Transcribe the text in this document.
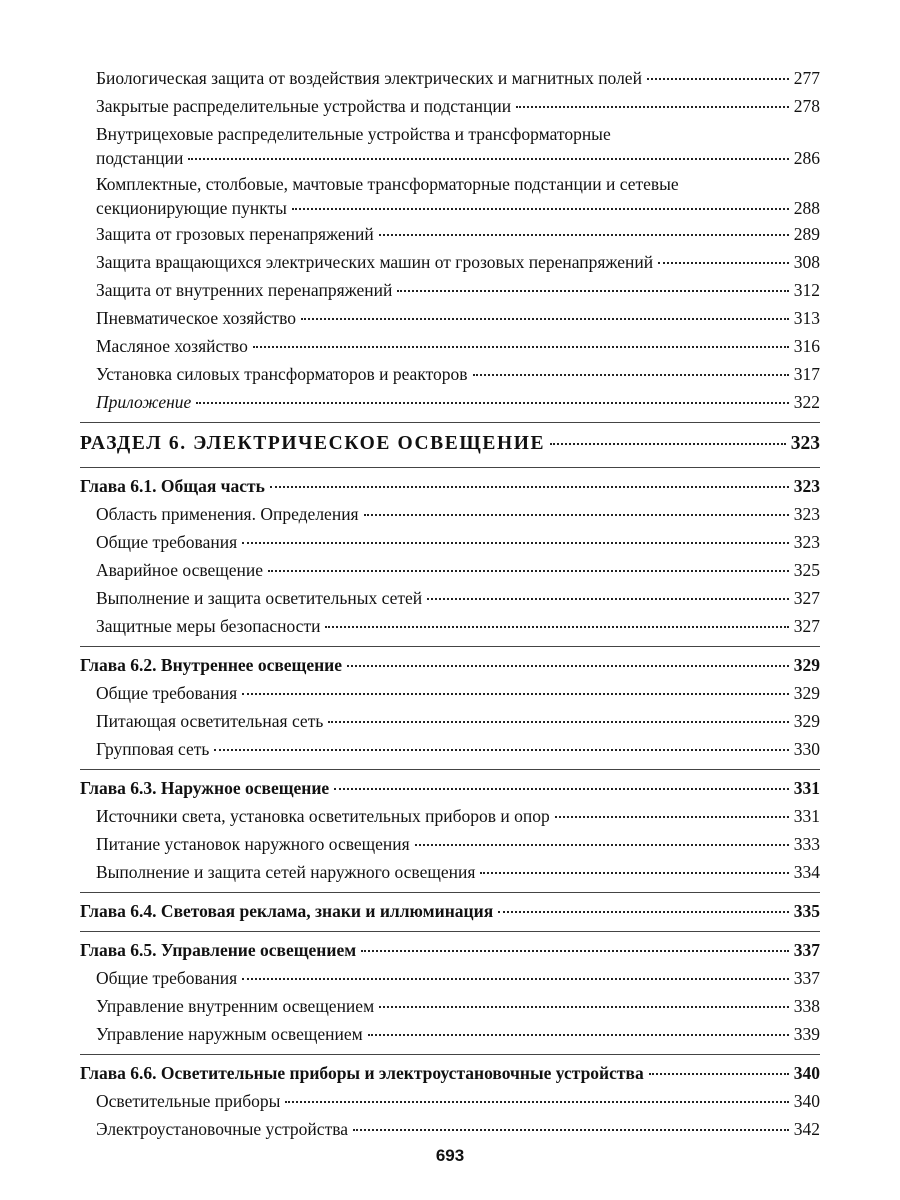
Биологическая защита от воздействия электрических и магнитных полей	277
Закрытые распределительные устройства и подстанции	278
Внутрицеховые распределительные устройства и трансформаторные
подстанции	286
Комплектные, столбовые, мачтовые трансформаторные подстанции и сетевые
секционирующие пункты	288
Защита от грозовых перенапряжений	289
Защита вращающихся электрических машин от грозовых перенапряжений	308
Защита от внутренних перенапряжений	312
Пневматическое хозяйство	313
Масляное хозяйство	316
Установка силовых трансформаторов и реакторов	317
Приложение	322
РАЗДЕЛ 6. ЭЛЕКТРИЧЕСКОЕ ОСВЕЩЕНИЕ	323
Глава 6.1. Общая часть	323
Область применения. Определения	323
Общие требования	323
Аварийное освещение	325
Выполнение и защита осветительных сетей	327
Защитные меры безопасности	327
Глава 6.2. Внутреннее освещение	329
Общие требования	329
Питающая осветительная сеть	329
Групповая сеть	330
Глава 6.3. Наружное освещение	331
Источники света, установка осветительных приборов и опор	331
Питание установок наружного освещения	333
Выполнение и защита сетей наружного освещения	334
Глава 6.4. Световая реклама, знаки и иллюминация	335
Глава 6.5. Управление освещением	337
Общие требования	337
Управление внутренним освещением	338
Управление наружным освещением	339
Глава 6.6. Осветительные приборы и электроустановочные устройства	340
Осветительные приборы	340
Электроустановочные устройства	342
693
